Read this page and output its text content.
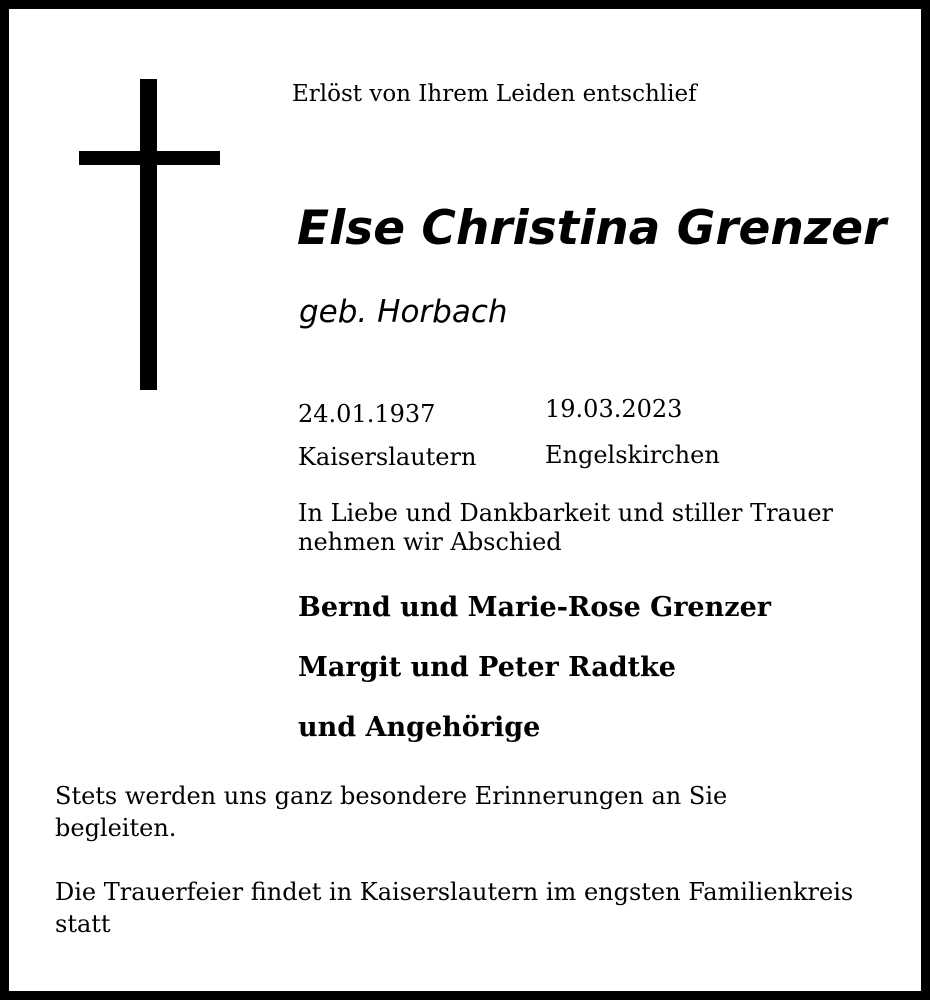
Erlöst von Ihrem Leiden entschlief
Else Christina Grenzer
geb. Horbach
24.01.1937	19.03.2023
Kaiserslautern	Engelskirchen
In Liebe und Dankbarkeit und stiller Trauer nehmen wir Abschied
Bernd und Marie-Rose Grenzer
Margit und Peter Radtke
und Angehörige
Stets werden uns ganz besondere Erinnerungen an Sie begleiten.
Die Trauerfeier findet in Kaiserslautern im engsten Familienkreis statt
